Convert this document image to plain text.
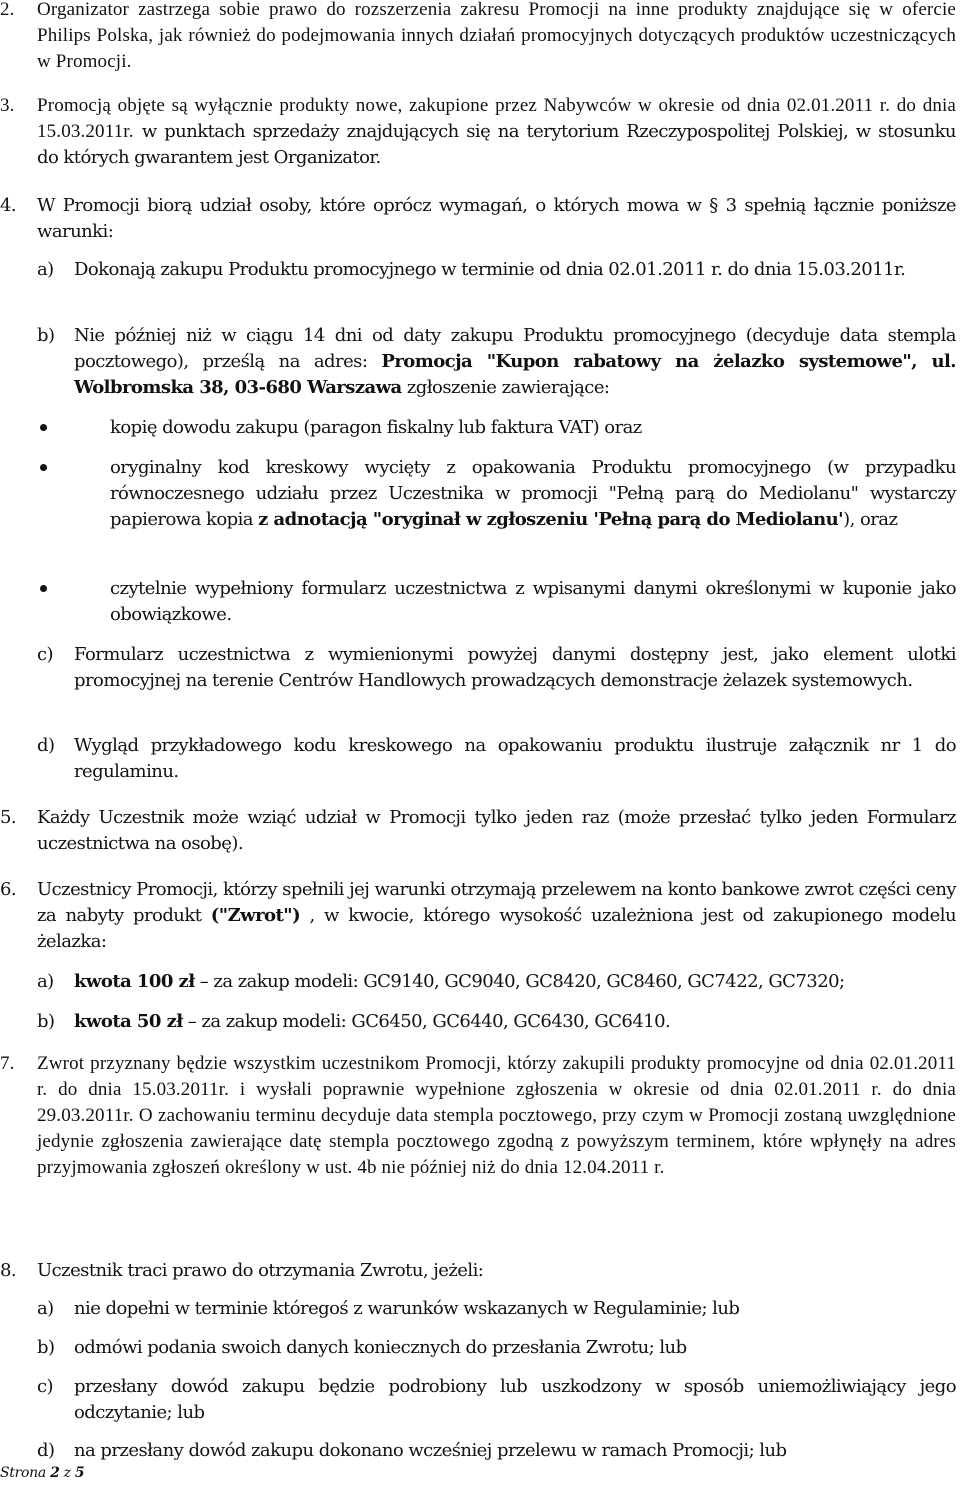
2. Organizator zastrzega sobie prawo do rozszerzenia zakresu Promocji na inne produkty znajdujące się w ofercie Philips Polska, jak również do podejmowania innych działań promocyjnych dotyczących produktów uczestniczących w Promocji.
3. Promocją objęte są wyłącznie produkty nowe, zakupione przez Nabywców w okresie od dnia 02.01.2011 r. do dnia 15.03.2011r. w punktach sprzedaży znajdujących się na terytorium Rzeczypospolitej Polskiej, w stosunku do których gwarantem jest Organizator.
4. W Promocji biorą udział osoby, które oprócz wymagań, o których mowa w § 3 spełnią łącznie poniższe warunki:
a) Dokonają zakupu Produktu promocyjnego w terminie od dnia 02.01.2011 r. do dnia 15.03.2011r.
b) Nie później niż w ciągu 14 dni od daty zakupu Produktu promocyjnego (decyduje data stempla pocztowego), prześlą na adres: Promocja "Kupon rabatowy na żelazko systemowe", ul. Wolbromska 38, 03-680 Warszawa zgłoszenie zawierające:
kopię dowodu zakupu (paragon fiskalny lub faktura VAT) oraz
oryginalny kod kreskowy wycięty z opakowania Produktu promocyjnego (w przypadku równoczesnego udziału przez Uczestnika w promocji "Pełną parą do Mediolanu" wystarczy papierowa kopia z adnotacją "oryginał w zgłoszeniu 'Pełną parą do Mediolanu'), oraz
czytelnie wypełniony formularz uczestnictwa z wpisanymi danymi określonymi w kuponie jako obowiązkowe.
c) Formularz uczestnictwa z wymienionymi powyżej danymi dostępny jest, jako element ulotki promocyjnej na terenie Centrów Handlowych prowadzących demonstracje żelazek systemowych.
d) Wygląd przykładowego kodu kreskowego na opakowaniu produktu ilustruje załącznik nr 1 do regulaminu.
5. Każdy Uczestnik może wziąć udział w Promocji tylko jeden raz (może przesłać tylko jeden Formularz uczestnictwa na osobę).
6. Uczestnicy Promocji, którzy spełnili jej warunki otrzymają przelewem na konto bankowe zwrot części ceny za nabyty produkt ("Zwrot") , w kwocie, którego wysokość uzależniona jest od zakupionego modelu żelazka:
a) kwota 100 zł – za zakup modeli: GC9140, GC9040, GC8420, GC8460, GC7422, GC7320;
b) kwota 50 zł – za zakup modeli: GC6450, GC6440, GC6430, GC6410.
7. Zwrot przyznany będzie wszystkim uczestnikom Promocji, którzy zakupili produkty promocyjne od dnia 02.01.2011 r. do dnia 15.03.2011r. i wysłali poprawnie wypełnione zgłoszenia w okresie od dnia 02.01.2011 r. do dnia 29.03.2011r. O zachowaniu terminu decyduje data stempla pocztowego, przy czym w Promocji zostaną uwzględnione jedynie zgłoszenia zawierające datę stempla pocztowego zgodną z powyższym terminem, które wpłynęły na adres przyjmowania zgłoszeń określony w ust. 4b nie później niż do dnia 12.04.2011 r.
8. Uczestnik traci prawo do otrzymania Zwrotu, jeżeli:
a) nie dopełni w terminie któregoś z warunków wskazanych w Regulaminie; lub
b) odmówi podania swoich danych koniecznych do przesłania Zwrotu; lub
c) przesłany dowód zakupu będzie podrobiony lub uszkodzony w sposób uniemożliwiający jego odczytanie; lub
d) na przesłany dowód zakupu dokonano wcześniej przelewu w ramach Promocji; lub
Strona 2 z 5
